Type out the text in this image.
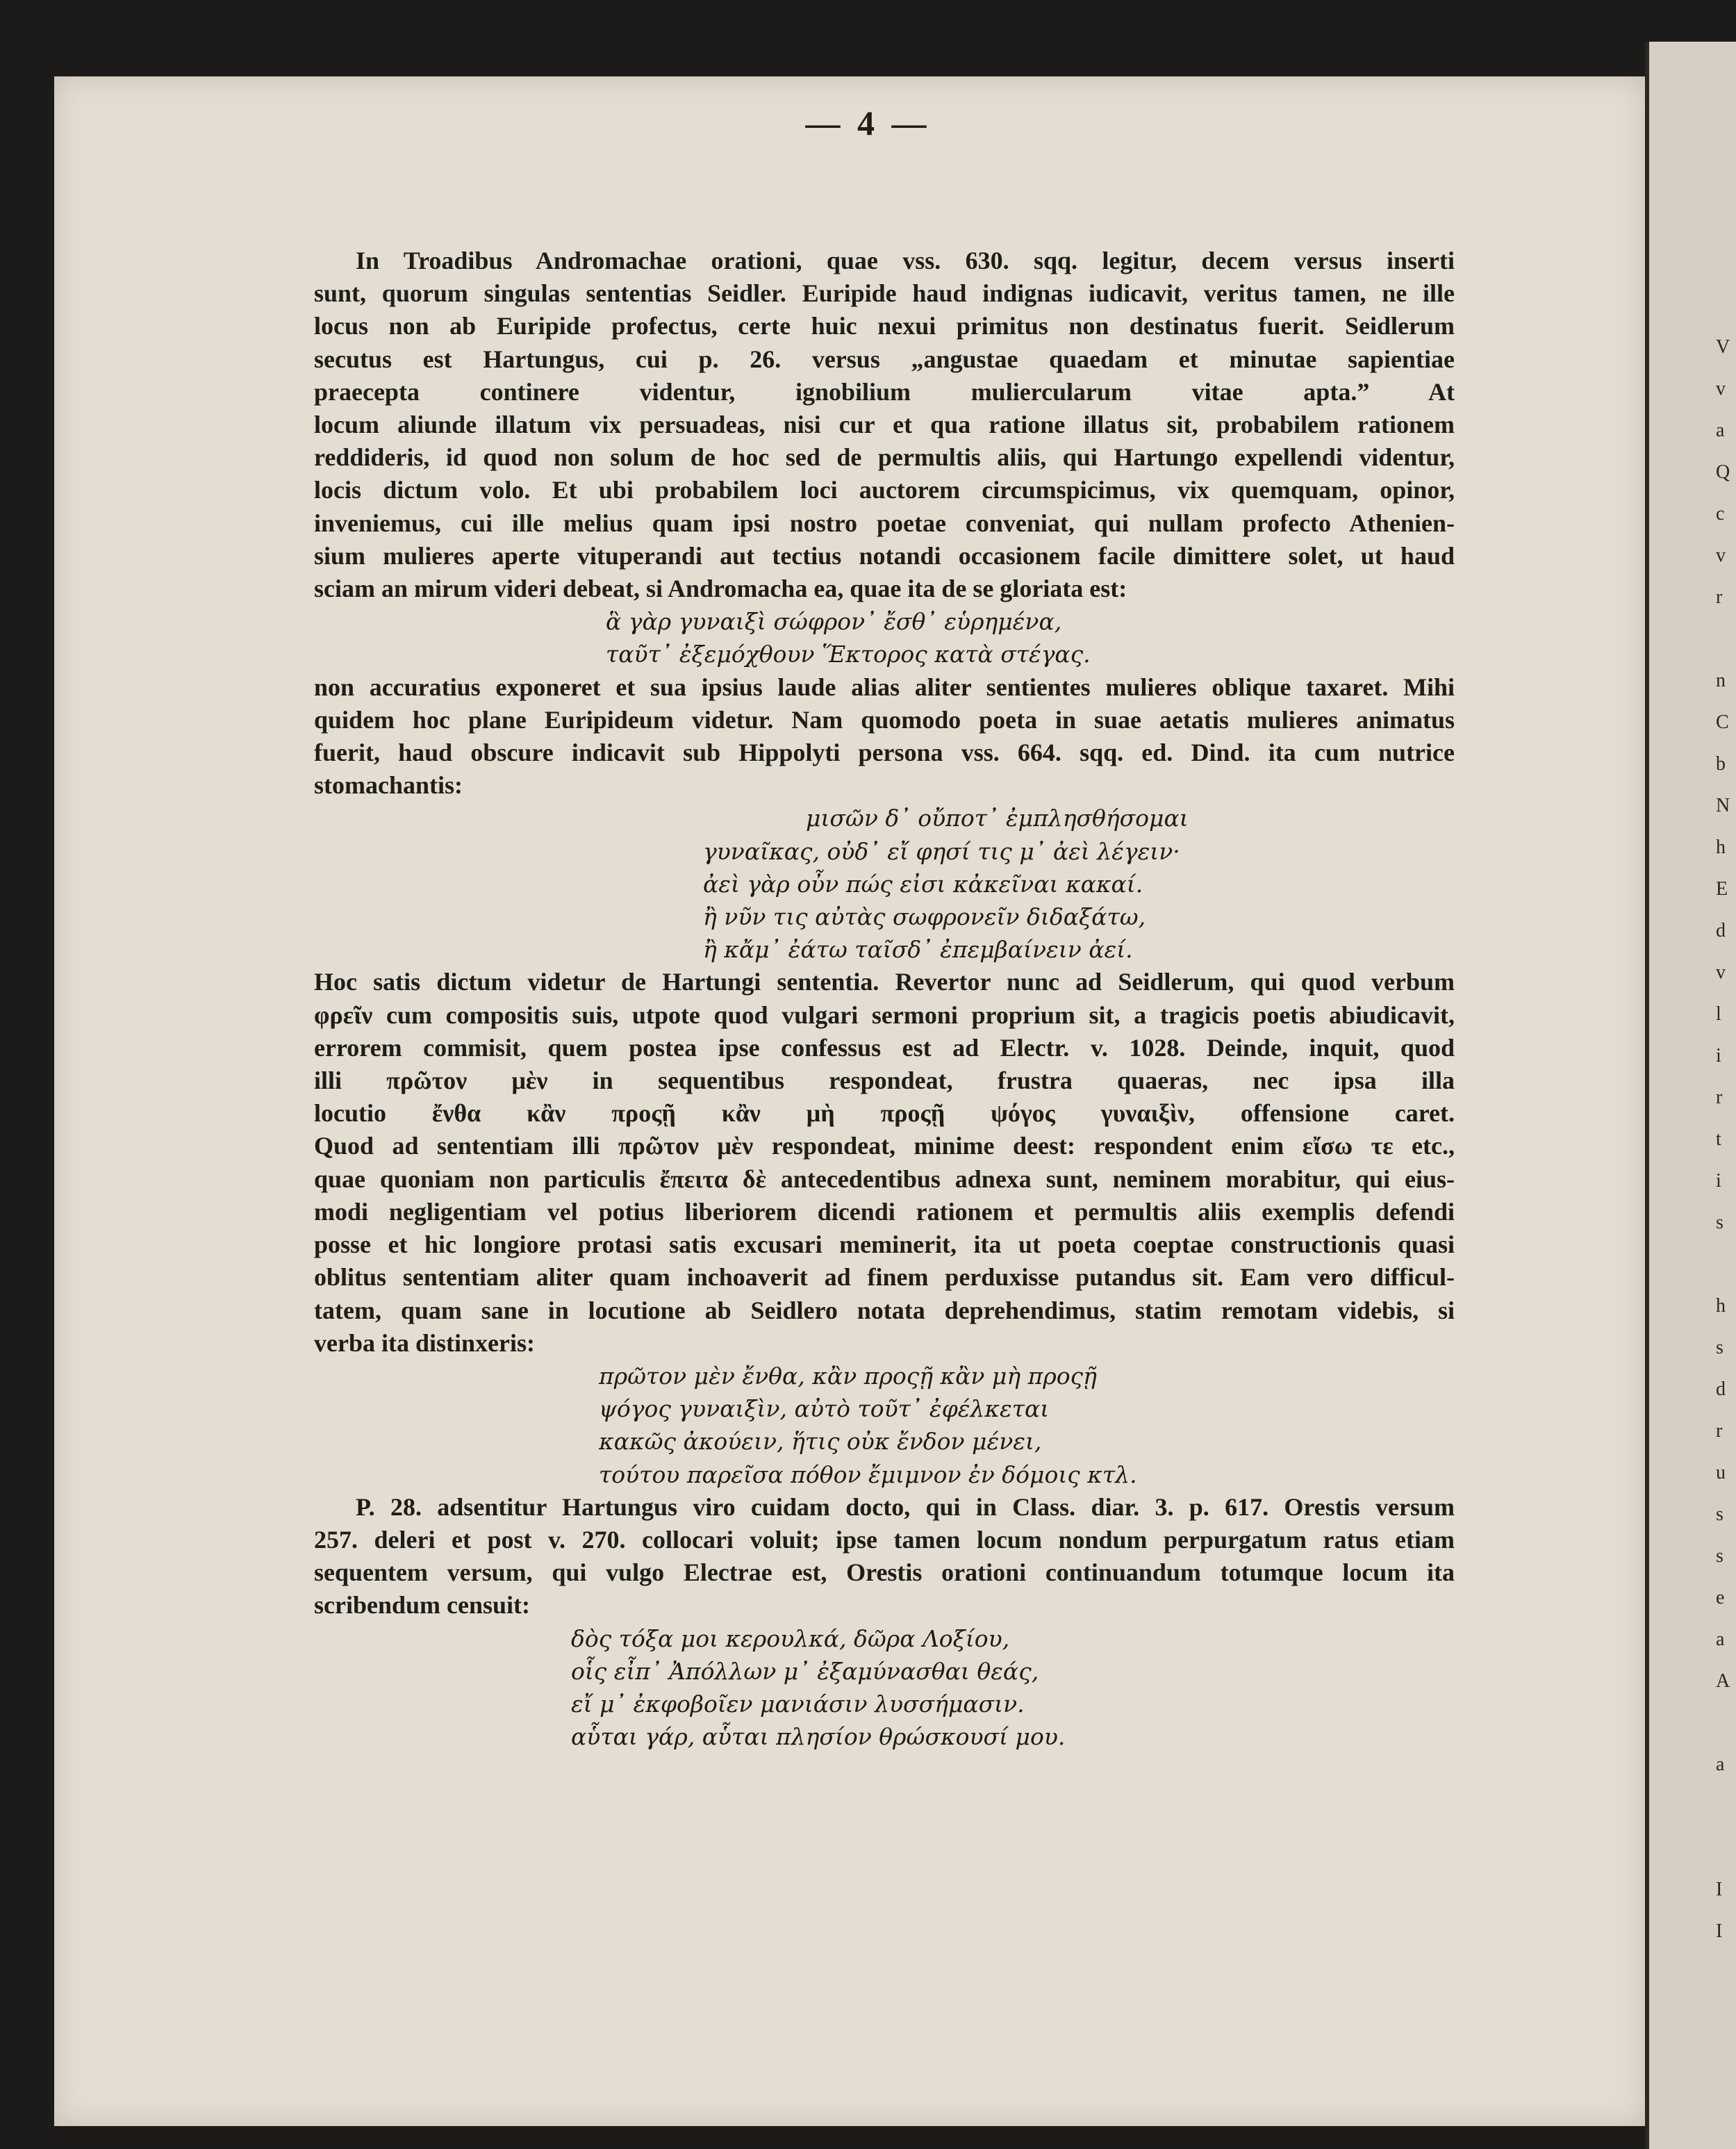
V
v
a
Q
c
v
r
n
C
b
N
h
E
d
v
l
i
r
t
i
s
h
s
d
r
u
s
s
e
a
A
a
I
I
— 4 —
In Troadibus Andromachae orationi, quae vss. 630. sqq. legitur, decem versus inserti
sunt, quorum singulas sententias Seidler. Euripide haud indignas iudicavit, veritus tamen, ne ille
locus non ab Euripide profectus, certe huic nexui primitus non destinatus fuerit. Seidlerum
secutus est Hartungus, cui p. 26. versus „angustae quaedam et minutae sapientiae
praecepta continere videntur, ignobilium muliercularum vitae apta.” At
locum aliunde illatum vix persuadeas, nisi cur et qua ratione illatus sit, probabilem rationem
reddideris, id quod non solum de hoc sed de permultis aliis, qui Hartungo expellendi videntur,
locis dictum volo. Et ubi probabilem loci auctorem circumspicimus, vix quemquam, opinor,
inveniemus, cui ille melius quam ipsi nostro poetae conveniat, qui nullam profecto Athenien-
sium mulieres aperte vituperandi aut tectius notandi occasionem facile dimittere solet, ut haud
sciam an mirum videri debeat, si Andromacha ea, quae ita de se gloriata est:
ἃ γὰρ γυναιξὶ σώφρον᾽ ἔσθ᾽ εὑρημένα,
ταῦτ᾽ ἐξεμόχθουν Ἕκτορος κατὰ στέγας.
non accuratius exponeret et sua ipsius laude alias aliter sentientes mulieres oblique taxaret. Mihi
quidem hoc plane Euripideum videtur. Nam quomodo poeta in suae aetatis mulieres animatus
fuerit, haud obscure indicavit sub Hippolyti persona vss. 664. sqq. ed. Dind. ita cum nutrice
stomachantis:
μισῶν δ᾽ οὔποτ᾽ ἐμπλησθήσομαι
γυναῖκας, οὐδ᾽ εἴ φησί τις μ᾽ ἀεὶ λέγειν·
ἀεὶ γὰρ οὖν πώς εἰσι κἀκεῖναι κακαί.
ἢ νῦν τις αὐτὰς σωφρονεῖν διδαξάτω,
ἢ κἄμ᾽ ἐάτω ταῖσδ᾽ ἐπεμβαίνειν ἀεί.
Hoc satis dictum videtur de Hartungi sententia. Revertor nunc ad Seidlerum, qui quod verbum
φρεῖν cum compositis suis, utpote quod vulgari sermoni proprium sit, a tragicis poetis abiudicavit,
errorem commisit, quem postea ipse confessus est ad Electr. v. 1028. Deinde, inquit, quod
illi πρῶτον μὲν in sequentibus respondeat, frustra quaeras, nec ipsa illa
locutio ἔνθα κἂν προςῇ κἂν μὴ προςῇ ψόγος γυναιξὶν, offensione caret.
Quod ad sententiam illi πρῶτον μὲν respondeat, minime deest: respondent enim εἴσω τε etc.,
quae quoniam non particulis ἔπειτα δὲ antecedentibus adnexa sunt, neminem morabitur, qui eius-
modi negligentiam vel potius liberiorem dicendi rationem et permultis aliis exemplis defendi
posse et hic longiore protasi satis excusari meminerit, ita ut poeta coeptae constructionis quasi
oblitus sententiam aliter quam inchoaverit ad finem perduxisse putandus sit. Eam vero difficul-
tatem, quam sane in locutione ab Seidlero notata deprehendimus, statim remotam videbis, si
verba ita distinxeris:
πρῶτον μὲν ἔνθα, κἂν προςῇ κἂν μὴ προςῇ
ψόγος γυναιξὶν, αὐτὸ τοῦτ᾽ ἐφέλκεται
κακῶς ἀκούειν, ἥτις οὐκ ἔνδον μένει,
τούτου παρεῖσα πόθον ἔμιμνον ἐν δόμοις κτλ.
P. 28. adsentitur Hartungus viro cuidam docto, qui in Class. diar. 3. p. 617. Orestis versum
257. deleri et post v. 270. collocari voluit; ipse tamen locum nondum perpurgatum ratus etiam
sequentem versum, qui vulgo Electrae est, Orestis orationi continuandum totumque locum ita
scribendum censuit:
δὸς τόξα μοι κερουλκά, δῶρα Λοξίου,
οἷς εἶπ᾽ Ἀπόλλων μ᾽ ἐξαμύνασθαι θεάς,
εἴ μ᾽ ἐκφοβοῖεν μανιάσιν λυσσήμασιν.
αὗται γάρ, αὗται πλησίον θρώσκουσί μου.
